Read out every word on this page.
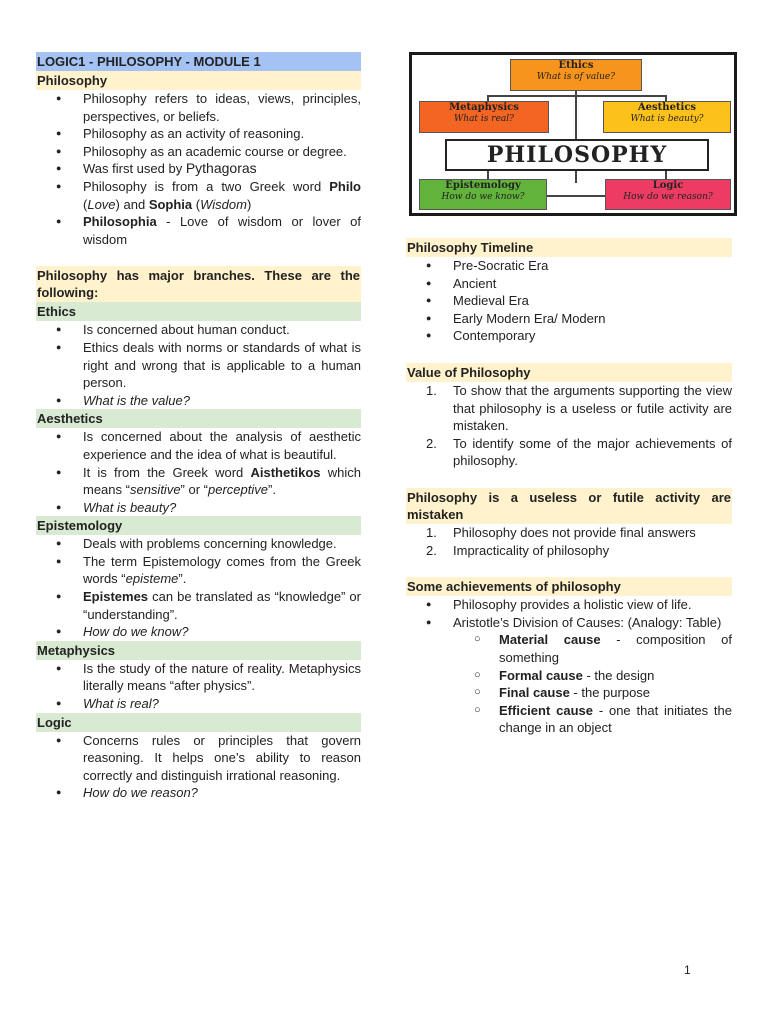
LOGIC1 - PHILOSOPHY - MODULE 1
Philosophy
● Philosophy refers to ideas, views, principles, perspectives, or beliefs.
● Philosophy as an activity of reasoning.
● Philosophy as an academic course or degree.
● Was first used by Pythagoras
● Philosophy is from a two Greek word Philo (Love) and Sophia (Wisdom)
● Philosophia - Love of wisdom or lover of wisdom
Philosophy has major branches. These are the following:
Ethics
● Is concerned about human conduct.
● Ethics deals with norms or standards of what is right and wrong that is applicable to a human person.
● What is the value?
Aesthetics
● Is concerned about the analysis of aesthetic experience and the idea of what is beautiful.
● It is from the Greek word Aisthetikos which means “sensitive” or “perceptive”.
● What is beauty?
Epistemology
● Deals with problems concerning knowledge.
● The term Epistemology comes from the Greek words “episteme”.
● Epistemes can be translated as “knowledge” or “understanding”.
● How do we know?
Metaphysics
● Is the study of the nature of reality. Metaphysics literally means “after physics”.
● What is real?
Logic
● Concerns rules or principles that govern reasoning. It helps one’s ability to reason correctly and distinguish irrational reasoning.
● How do we reason?
Ethics
What is of value?
Metaphysics
What is real?
Aesthetics
What is beauty?
PHILOSOPHY
Epistemology
How do we know?
Logic
How do we reason?
Philosophy Timeline
● Pre-Socratic Era
● Ancient
● Medieval Era
● Early Modern Era/ Modern
● Contemporary
Value of Philosophy
1. To show that the arguments supporting the view that philosophy is a useless or futile activity are mistaken.
2. To identify some of the major achievements of philosophy.
Philosophy is a useless or futile activity are mistaken
1. Philosophy does not provide final answers
2. Impracticality of philosophy
Some achievements of philosophy
● Philosophy provides a holistic view of life.
● Aristotle’s Division of Causes: (Analogy: Table)
○ Material cause - composition of something
○ Formal cause - the design
○ Final cause - the purpose
○ Efficient cause - one that initiates the change in an object
1
